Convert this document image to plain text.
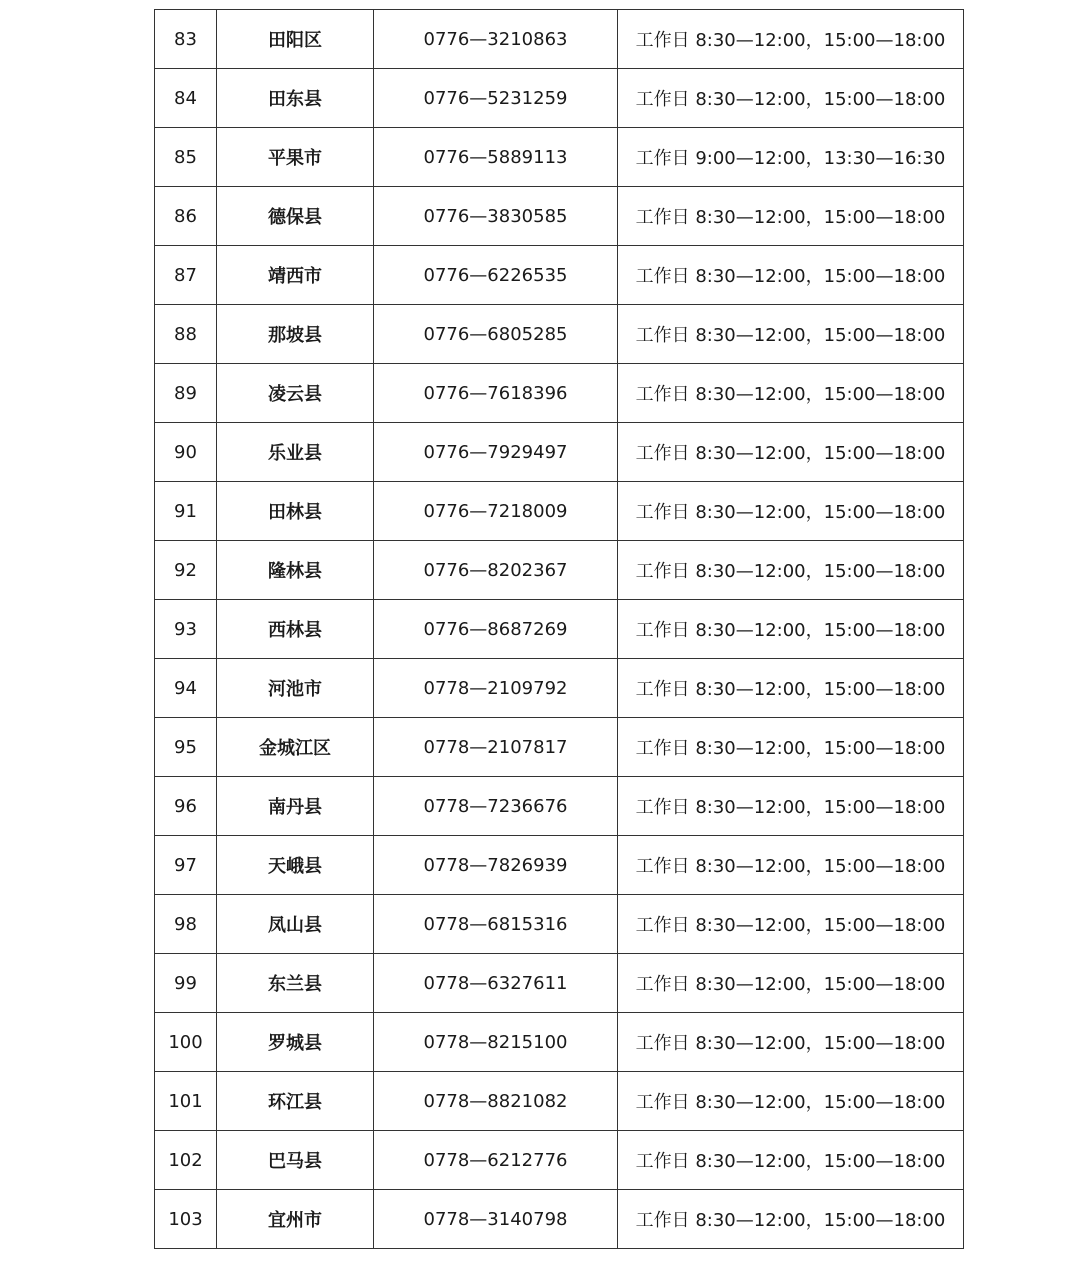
83	田阳区	0776—3210863	工作日 8:30—12:00，15:00—18:00
84	田东县	0776—5231259	工作日 8:30—12:00，15:00—18:00
85	平果市	0776—5889113	工作日 9:00—12:00，13:30—16:30
86	德保县	0776—3830585	工作日 8:30—12:00，15:00—18:00
87	靖西市	0776—6226535	工作日 8:30—12:00，15:00—18:00
88	那坡县	0776—6805285	工作日 8:30—12:00，15:00—18:00
89	凌云县	0776—7618396	工作日 8:30—12:00，15:00—18:00
90	乐业县	0776—7929497	工作日 8:30—12:00，15:00—18:00
91	田林县	0776—7218009	工作日 8:30—12:00，15:00—18:00
92	隆林县	0776—8202367	工作日 8:30—12:00，15:00—18:00
93	西林县	0776—8687269	工作日 8:30—12:00，15:00—18:00
94	河池市	0778—2109792	工作日 8:30—12:00，15:00—18:00
95	金城江区	0778—2107817	工作日 8:30—12:00，15:00—18:00
96	南丹县	0778—7236676	工作日 8:30—12:00，15:00—18:00
97	天峨县	0778—7826939	工作日 8:30—12:00，15:00—18:00
98	凤山县	0778—6815316	工作日 8:30—12:00，15:00—18:00
99	东兰县	0778—6327611	工作日 8:30—12:00，15:00—18:00
100	罗城县	0778—8215100	工作日 8:30—12:00，15:00—18:00
101	环江县	0778—8821082	工作日 8:30—12:00，15:00—18:00
102	巴马县	0778—6212776	工作日 8:30—12:00，15:00—18:00
103	宜州市	0778—3140798	工作日 8:30—12:00，15:00—18:00
